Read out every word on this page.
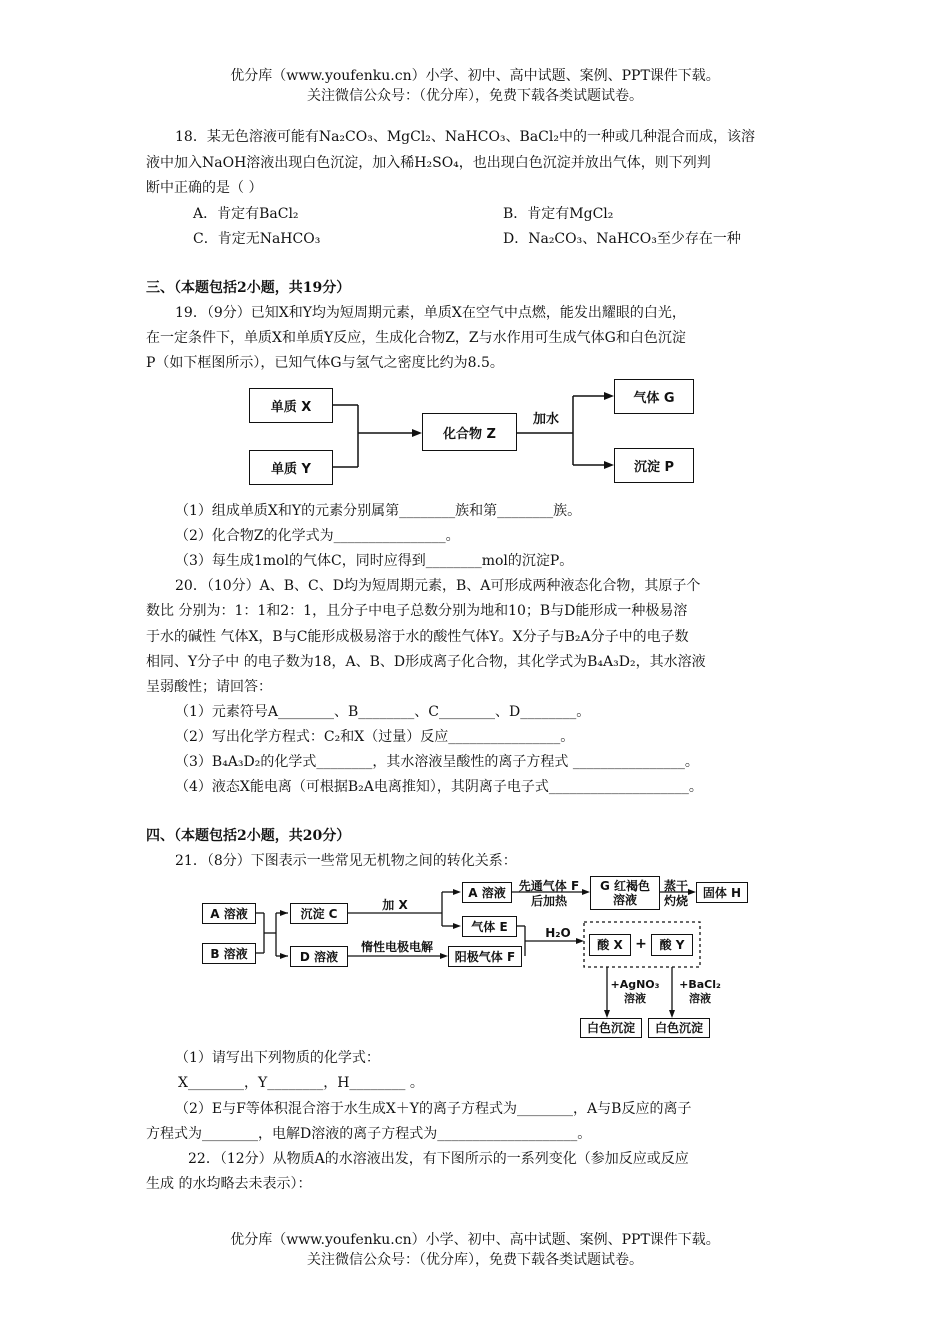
优分库（www.youfenku.cn）小学、初中、高中试题、案例、PPT课件下载。
关注微信公众号：（优分库），免费下载各类试题试卷。
18．某无色溶液可能有Na₂CO₃、MgCl₂、NaHCO₃、BaCl₂中的一种或几种混合而成，该溶
液中加入NaOH溶液出现白色沉淀，加入稀H₂SO₄，也出现白色沉淀并放出气体，则下列判
断中正确的是（ ）
A．肯定有BaCl₂	B．肯定有MgCl₂
C．肯定无NaHCO₃	D．Na₂CO₃、NaHCO₃至少存在一种
三、（本题包括2小题，共19分）
19．（9分）已知X和Y均为短周期元素，单质X在空气中点燃，能发出耀眼的白光，
在一定条件下，单质X和单质Y反应，生成化合物Z，Z与水作用可生成气体G和白色沉淀
P（如下框图所示），已知气体G与氢气之密度比约为8.5。
单质 X
单质 Y
化合物 Z
加水
气体 G
沉淀 P
（1）组成单质X和Y的元素分别属第________族和第________族。
（2）化合物Z的化学式为________________。
（3）每生成1mol的气体C，同时应得到________mol的沉淀P。
20．（10分）A、B、C、D均为短周期元素，B、A可形成两种液态化合物，其原子个
数比 分别为：1：1和2：1，且分子中电子总数分别为地和10；B与D能形成一种极易溶
于水的碱性 气体X，B与C能形成极易溶于水的酸性气体Y。X分子与B₂A分子中的电子数
相同、Y分子中 的电子数为18，A、B、D形成离子化合物，其化学式为B₄A₃D₂，其水溶液
呈弱酸性；请回答：
（1）元素符号A________、B________、C________、D________。
（2）写出化学方程式：C₂和X（过量）反应________________。
（3）B₄A₃D₂的化学式________，其水溶液呈酸性的离子方程式 ________________。
（4）液态X能电离（可根据B₂A电离推知），其阴离子电子式____________________。
四、（本题包括2小题，共20分）
21．（8分）下图表示一些常见无机物之间的转化关系：
A 溶液
B 溶液
沉淀 C
D 溶液
加 X
惰性电极电解
A 溶液
气体 E
阳极气体 F
先通气体 F
后加热
G 红褐色
溶液
蒸干
灼烧
固体 H
H₂O
酸 X +	酸 Y
+AgNO₃
溶液
+BaCl₂
溶液
白色沉淀	白色沉淀
（1）请写出下列物质的化学式：
X________，Y________，H________ 。
（2）E与F等体积混合溶于水生成X＋Y的离子方程式为________，A与B反应的离子
方程式为________，电解D溶液的离子方程式为____________________。
22．（12分）从物质A的水溶液出发，有下图所示的一系列变化（参加反应或反应
生成 的水均略去未表示）：
优分库（www.youfenku.cn）小学、初中、高中试题、案例、PPT课件下载。
关注微信公众号：（优分库），免费下载各类试题试卷。
